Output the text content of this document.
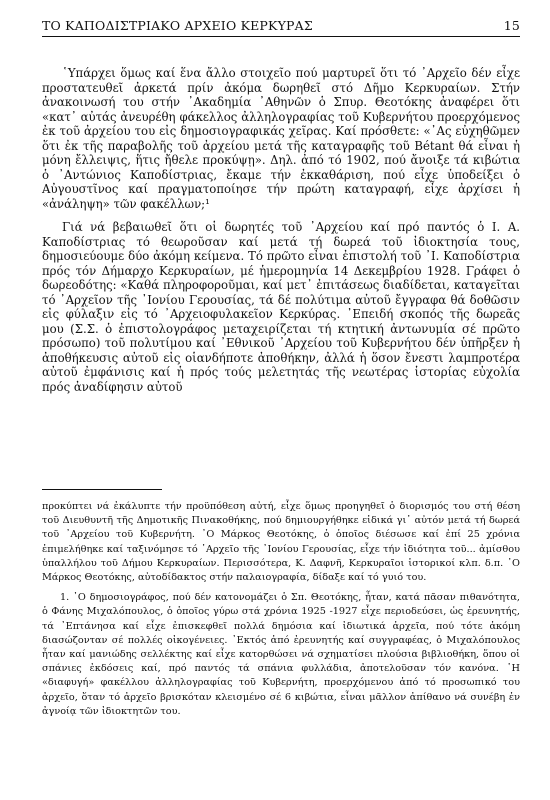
ΤΟ ΚΑΠΟΔΙΣΤΡΙΑΚΟ ΑΡΧΕΙΟ ΚΕΡΚΥΡΑΣ	15

῾Υπάρχει ὅμως καί ἕνα ἄλλο στοιχεῖο πού μαρτυρεῖ ὅτι τό ᾽Αρχεῖο δέν εἶχε προστατευθεῖ ἀρκετά πρίν ἀκόμα δωρηθεῖ στό Δῆμο Κερκυραίων. Στήν ἀνακοινωσή του στήν ᾽Ακαδημία ᾽Αθηνῶν ὁ Σπυρ. Θεοτόκης ἀναφέρει ὅτι «κατ᾽ αὐτάς ἀνευρέθη φάκελλος ἀλληλογραφίας τοῦ Κυβερνήτου προερχόμενος ἐκ τοῦ ἀρχείου του εἰς δημοσιογραφικάς χεῖρας. Καί πρόσθετε: «᾽Ας εὐχηθῶμεν ὅτι ἐκ τῆς παραβολῆς τοῦ ἀρχείου μετά τῆς καταγραφῆς τοῦ Bétant θά εἶναι ἡ μόνη ἔλλειψις, ἥτις ἤθελε προκύψῃ». Δηλ. ἀπό τό 1902, πού ἄνοιξε τά κιβώτια ὁ ᾽Αντώνιος Καποδίστριας, ἔκαμε τήν ἐκκαθάριση, πού εἶχε ὑποδείξει ὁ Αὐγουστῖνος καί πραγματοποίησε τήν πρώτη καταγραφή, εἶχε ἀρχίσει ἡ «ἀνάληψη» τῶν φακέλλων;¹

Γιά νά βεβαιωθεῖ ὅτι οἱ δωρητές τοῦ ᾽Αρχείου καί πρό παντός ὁ Ι. Α. Καποδίστριας τό θεωροῦσαν καί μετά τή δωρεά τοῦ ἰδιοκτησία τους, δημοσιεύουμε δύο ἀκόμη κείμενα. Τό πρῶτο εἶναι ἐπιστολή τοῦ ᾽Ι. Καποδίστρια πρός τόν Δήμαρχο Κερκυραίων, μέ ἡμερομηνία 14 Δεκεμβρίου 1928. Γράφει ὁ δωρεοδότης: «Καθά πληροφοροῦμαι, καί μετ᾽ ἐπιτάσεως διαδίδεται, καταγεῖται τό ᾽Αρχεῖον τῆς ᾽Ιονίου Γερουσίας, τά δέ πολύτιμα αὐτοῦ ἔγγραφα θά δοθῶσιν εἰς φύλαξιν εἰς τό ᾽Αρχειοφυλακεῖον Κερκύρας. ᾽Επειδή σκοπός τῆς δωρεᾶς μου (Σ.Σ. ὁ ἐπιστολογράφος μεταχειρίζεται τή κτητική ἀντωνυμία σέ πρῶτο πρόσωπο) τοῦ πολυτίμου καί ᾽Εθνικοῦ ᾽Αρχείου τοῦ Κυβερνήτου δέν ὑπῆρξεν ἡ ἀποθήκευσις αὐτοῦ εἰς οἱανδήποτε ἀποθήκην, ἀλλά ἡ ὅσον ἔνεστι λαμπροτέρα αὐτοῦ ἐμφάνισις καί ἡ πρός τούς μελετητάς τῆς νεωτέρας ἱστορίας εὐχολία πρός ἀναδίφησιν αὐτοῦ

προκύπτει νά ἐκάλυπτε τήν προϋπόθεση αὐτή, εἶχε ὅμως προηγηθεῖ ὁ διορισμός του στή θέση τοῦ Διευθυντῆ τῆς Δημοτικῆς Πινακοθήκης, πού δημιουργήθηκε εἰδικά γι᾽ αὐτόν μετά τή δωρεά τοῦ ᾽Αρχείου τοῦ Κυβερνήτη. ᾽Ο Μάρκος Θεοτόκης, ὁ ὁποῖος διέσωσε καί ἐπί 25 χρόνια ἐπιμελήθηκε καί ταξινόμησε τό ᾽Αρχεῖο τῆς ᾽Ιονίου Γερουσίας, εἶχε τήν ἰδιότητα τοῦ... ἀμίσθου ὑπαλλήλου τοῦ Δήμου Κερκυραίων. Περισσότερα, Κ. Δαφνῆ, Κερκυραῖοι ἱστορικοί κλπ. δ.π. ᾽Ο Μάρκος Θεοτόκης, αὐτοδίδακτος στήν παλαιογραφία, δίδαξε καί τό γυιό του.

1. ᾽Ο δημοσιογράφος, πού δέν κατονομάζει ὁ Σπ. Θεοτόκης, ἦταν, κατά πᾶσαν πιθανότητα, ὁ Φάνης Μιχαλόπουλος, ὁ ὁποῖος γύρω στά χρόνια 1925 -1927 εἶχε περιοδεύσει, ὡς ἐρευνητής, τά ᾽Επτάνησα καί εἶχε ἐπισκεφθεῖ πολλά δημόσια καί ἰδιωτικά ἀρχεῖα, πού τότε ἀκόμη διασώζονταν σέ πολλές οἰκογένειες. ᾽Εκτός ἀπό ἐρευνητής καί συγγραφέας, ὁ Μιχαλόπουλος ἦταν καί μανιώδης σελλέκτης καί εἶχε κατορθώσει νά σχηματίσει πλούσια βιβλιοθήκη, ὅπου οἱ σπάνιες ἐκδόσεις καί, πρό παντός τά σπάνια φυλλάδια, ἀποτελοῦσαν τόν κανόνα. ῾Η «διαφυγή» φακέλλου ἀλληλογραφίας τοῦ Κυβερνήτη, προερχόμενου ἀπό τό προσωπικό του ἀρχεῖο, ὅταν τό ἀρχεῖο βρισκόταν κλεισμένο σέ 6 κιβώτια, εἶναι μᾶλλον ἀπίθανο νά συνέβη ἐν ἀγνοίᾳ τῶν ἰδιοκτητῶν του.
